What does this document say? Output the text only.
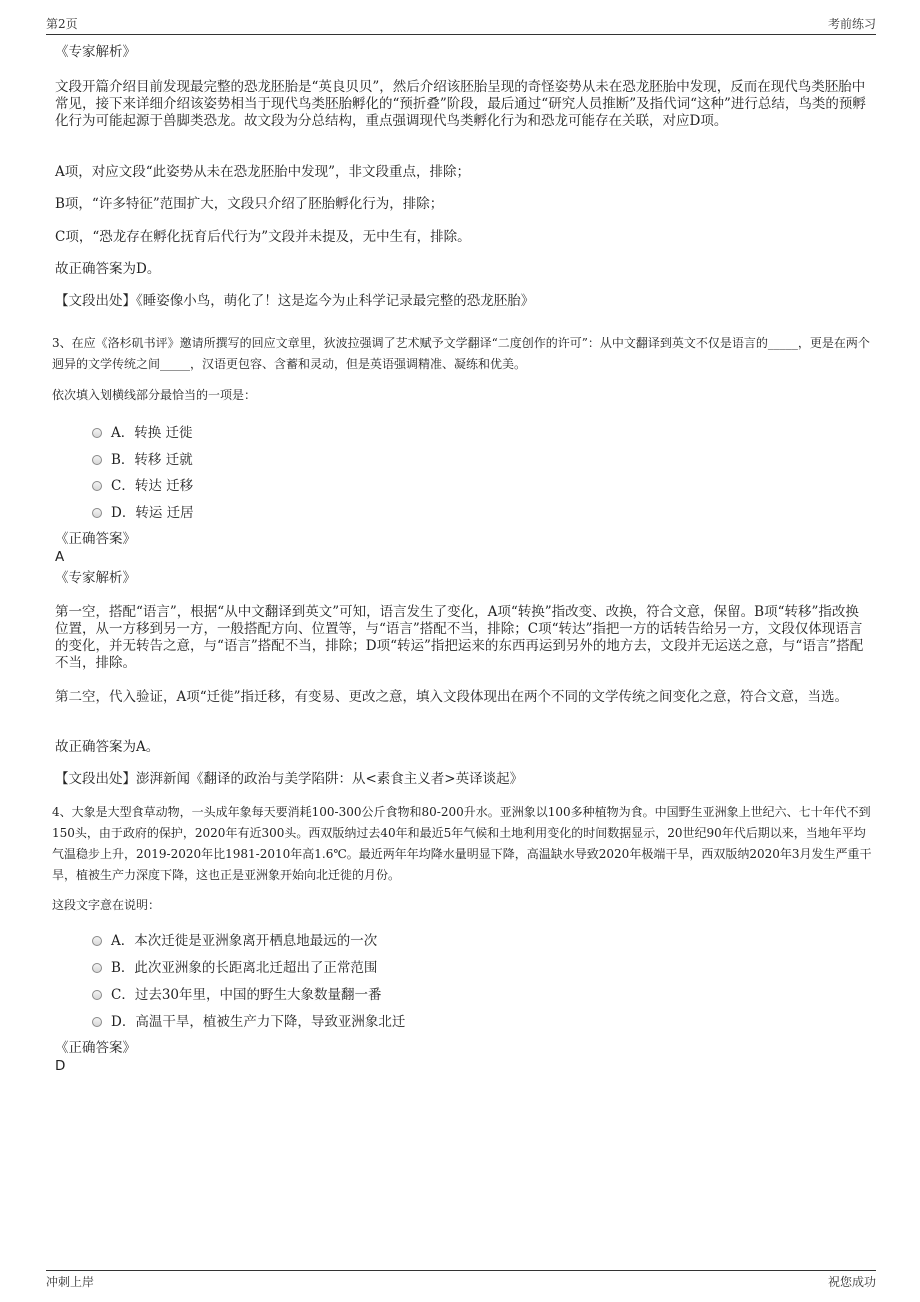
第2页	考前练习
《专家解析》
文段开篇介绍目前发现最完整的恐龙胚胎是“英良贝贝”，然后介绍该胚胎呈现的奇怪姿势从未在恐龙胚胎中发现，反而在现代鸟类胚胎中常见，接下来详细介绍该姿势相当于现代鸟类胚胎孵化的“预折叠”阶段，最后通过“研究人员推断”及指代词“这种”进行总结，鸟类的预孵化行为可能起源于兽脚类恐龙。故文段为分总结构，重点强调现代鸟类孵化行为和恐龙可能存在关联，对应D项。
A项，对应文段“此姿势从未在恐龙胚胎中发现”，非文段重点，排除；
B项，“许多特征”范围扩大，文段只介绍了胚胎孵化行为，排除；
C项，“恐龙存在孵化抚育后代行为”文段并未提及，无中生有，排除。
故正确答案为D。
【文段出处】《睡姿像小鸟，萌化了！这是迄今为止科学记录最完整的恐龙胚胎》
3、在应《洛杉矶书评》邀请所撰写的回应文章里，狄波拉强调了艺术赋予文学翻译“二度创作的许可”：从中文翻译到英文不仅是语言的_____，更是在两个迥异的文学传统之间_____，汉语更包容、含蓄和灵动，但是英语强调精准、凝练和优美。
依次填入划横线部分最恰当的一项是：
A．转换 迁徙
B．转移 迁就
C．转达 迁移
D．转运 迁居
《正确答案》
A
《专家解析》
第一空，搭配“语言”，根据“从中文翻译到英文”可知，语言发生了变化，A项“转换”指改变、改换，符合文意，保留。B项“转移”指改换位置，从一方移到另一方，一般搭配方向、位置等，与“语言”搭配不当，排除；C项“转达”指把一方的话转告给另一方，文段仅体现语言的变化，并无转告之意，与“语言”搭配不当，排除；D项“转运”指把运来的东西再运到另外的地方去，文段并无运送之意，与“语言”搭配不当，排除。
第二空，代入验证，A项“迁徙”指迁移，有变易、更改之意，填入文段体现出在两个不同的文学传统之间变化之意，符合文意，当选。
故正确答案为A。
【文段出处】澎湃新闻《翻译的政治与美学陷阱：从<素食主义者>英译谈起》
4、大象是大型食草动物，一头成年象每天要消耗100-300公斤食物和80-200升水。亚洲象以100多种植物为食。中国野生亚洲象上世纪六、七十年代不到150头，由于政府的保护，2020年有近300头。西双版纳过去40年和最近5年气候和土地利用变化的时间数据显示，20世纪90年代后期以来，当地年平均气温稳步上升，2019-2020年比1981-2010年高1.6℃。最近两年年均降水量明显下降，高温缺水导致2020年极端干旱，西双版纳2020年3月发生严重干旱，植被生产力深度下降，这也正是亚洲象开始向北迁徙的月份。
这段文字意在说明：
A．本次迁徙是亚洲象离开栖息地最远的一次
B．此次亚洲象的长距离北迁超出了正常范围
C．过去30年里，中国的野生大象数量翻一番
D．高温干旱，植被生产力下降，导致亚洲象北迁
《正确答案》
D
冲刺上岸	祝您成功
